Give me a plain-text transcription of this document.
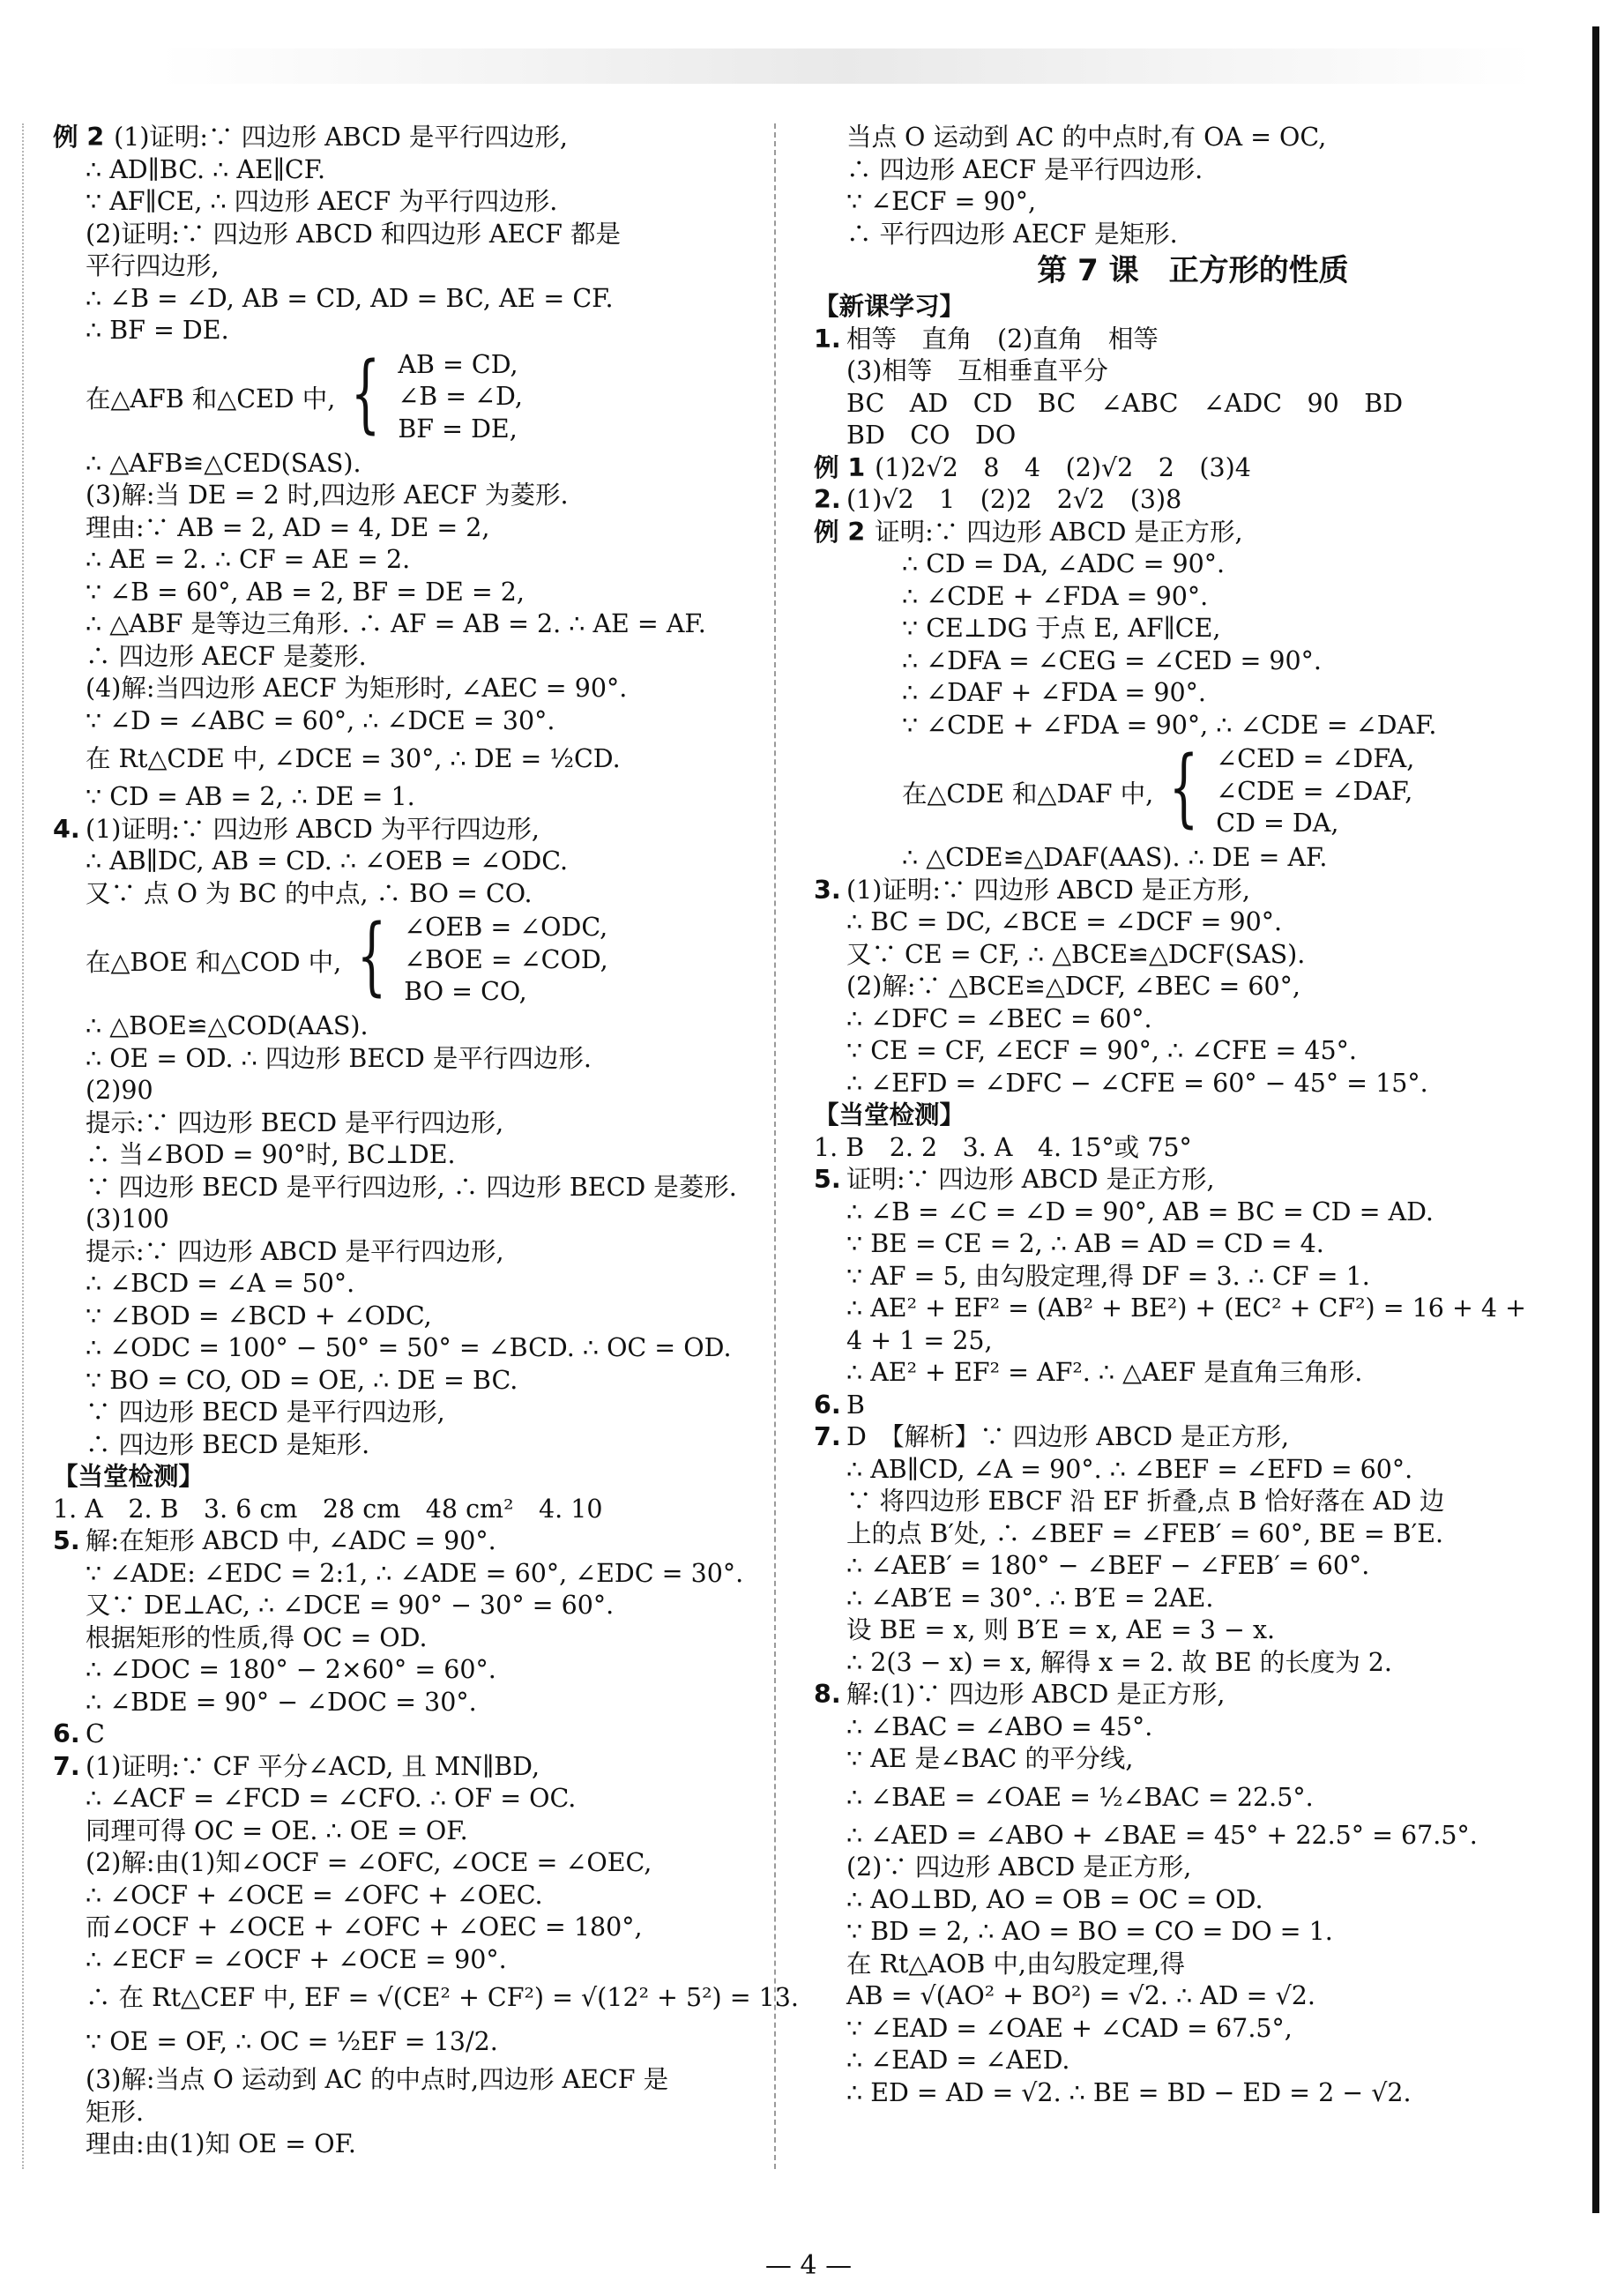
例 2 (1)证明:∵ 四边形 ABCD 是平行四边形,
∴ AD∥BC. ∴ AE∥CF.
∵ AF∥CE, ∴ 四边形 AECF 为平行四边形.
(2)证明:∵ 四边形 ABCD 和四边形 AECF 都是
平行四边形,
∴ ∠B = ∠D, AB = CD, AD = BC, AE = CF.
∴ BF = DE.
在△AFB 和△CED 中, { AB = CD,
∠B = ∠D,
BF = DE,
∴ △AFB≌△CED(SAS).
(3)解:当 DE = 2 时,四边形 AECF 为菱形.
理由:∵ AB = 2, AD = 4, DE = 2,
∴ AE = 2. ∴ CF = AE = 2.
∵ ∠B = 60°, AB = 2, BF = DE = 2,
∴ △ABF 是等边三角形. ∴ AF = AB = 2. ∴ AE = AF.
∴ 四边形 AECF 是菱形.
(4)解:当四边形 AECF 为矩形时, ∠AEC = 90°.
∵ ∠D = ∠ABC = 60°, ∴ ∠DCE = 30°.
在 Rt△CDE 中, ∠DCE = 30°, ∴ DE = ½CD.
∵ CD = AB = 2, ∴ DE = 1.
4. (1)证明:∵ 四边形 ABCD 为平行四边形,
∴ AB∥DC, AB = CD. ∴ ∠OEB = ∠ODC.
又∵ 点 O 为 BC 的中点, ∴ BO = CO.
在△BOE 和△COD 中, { ∠OEB = ∠ODC,
∠BOE = ∠COD,
BO = CO,
∴ △BOE≌△COD(AAS).
∴ OE = OD. ∴ 四边形 BECD 是平行四边形.
(2)90
提示:∵ 四边形 BECD 是平行四边形,
∴ 当∠BOD = 90°时, BC⊥DE.
∵ 四边形 BECD 是平行四边形, ∴ 四边形 BECD 是菱形.
(3)100
提示:∵ 四边形 ABCD 是平行四边形,
∴ ∠BCD = ∠A = 50°.
∵ ∠BOD = ∠BCD + ∠ODC,
∴ ∠ODC = 100° − 50° = 50° = ∠BCD. ∴ OC = OD.
∵ BO = CO, OD = OE, ∴ DE = BC.
∵ 四边形 BECD 是平行四边形,
∴ 四边形 BECD 是矩形.
【当堂检测】
1. A　2. B　3. 6 cm　28 cm　48 cm²　4. 10
5. 解:在矩形 ABCD 中, ∠ADC = 90°.
∵ ∠ADE: ∠EDC = 2:1, ∴ ∠ADE = 60°, ∠EDC = 30°.
又∵ DE⊥AC, ∴ ∠DCE = 90° − 30° = 60°.
根据矩形的性质,得 OC = OD.
∴ ∠DOC = 180° − 2×60° = 60°.
∴ ∠BDE = 90° − ∠DOC = 30°.
6. C
7. (1)证明:∵ CF 平分∠ACD, 且 MN∥BD,
∴ ∠ACF = ∠FCD = ∠CFO. ∴ OF = OC.
同理可得 OC = OE. ∴ OE = OF.
(2)解:由(1)知∠OCF = ∠OFC, ∠OCE = ∠OEC,
∴ ∠OCF + ∠OCE = ∠OFC + ∠OEC.
而∠OCF + ∠OCE + ∠OFC + ∠OEC = 180°,
∴ ∠ECF = ∠OCF + ∠OCE = 90°.
∴ 在 Rt△CEF 中, EF = √(CE² + CF²) = √(12² + 5²) = 13.
∵ OE = OF, ∴ OC = ½EF = 13/2.
(3)解:当点 O 运动到 AC 的中点时,四边形 AECF 是
矩形.
理由:由(1)知 OE = OF.
当点 O 运动到 AC 的中点时,有 OA = OC,
∴ 四边形 AECF 是平行四边形.
∵ ∠ECF = 90°,
∴ 平行四边形 AECF 是矩形.
第 7 课　正方形的性质
【新课学习】
1. 相等　直角　(2)直角　相等
(3)相等　互相垂直平分
BC　AD　CD　BC　∠ABC　∠ADC　90　BD
BD　CO　DO
例 1 (1)2√2　8　4　(2)√2　2　(3)4
2. (1)√2　1　(2)2　2√2　(3)8
例 2 证明:∵ 四边形 ABCD 是正方形,
∴ CD = DA, ∠ADC = 90°.
∴ ∠CDE + ∠FDA = 90°.
∵ CE⊥DG 于点 E, AF∥CE,
∴ ∠DFA = ∠CEG = ∠CED = 90°.
∴ ∠DAF + ∠FDA = 90°.
∵ ∠CDE + ∠FDA = 90°, ∴ ∠CDE = ∠DAF.
在△CDE 和△DAF 中, { ∠CED = ∠DFA,
∠CDE = ∠DAF,
CD = DA,
∴ △CDE≌△DAF(AAS). ∴ DE = AF.
3. (1)证明:∵ 四边形 ABCD 是正方形,
∴ BC = DC, ∠BCE = ∠DCF = 90°.
又∵ CE = CF, ∴ △BCE≌△DCF(SAS).
(2)解:∵ △BCE≌△DCF, ∠BEC = 60°,
∴ ∠DFC = ∠BEC = 60°.
∵ CE = CF, ∠ECF = 90°, ∴ ∠CFE = 45°.
∴ ∠EFD = ∠DFC − ∠CFE = 60° − 45° = 15°.
【当堂检测】
1. B　2. 2　3. A　4. 15°或 75°
5. 证明:∵ 四边形 ABCD 是正方形,
∴ ∠B = ∠C = ∠D = 90°, AB = BC = CD = AD.
∵ BE = CE = 2, ∴ AB = AD = CD = 4.
∵ AF = 5, 由勾股定理,得 DF = 3. ∴ CF = 1.
∴ AE² + EF² = (AB² + BE²) + (EC² + CF²) = 16 + 4 +
4 + 1 = 25,
∴ AE² + EF² = AF². ∴ △AEF 是直角三角形.
6. B
7. D　【解析】∵ 四边形 ABCD 是正方形,
∴ AB∥CD, ∠A = 90°. ∴ ∠BEF = ∠EFD = 60°.
∵ 将四边形 EBCF 沿 EF 折叠,点 B 恰好落在 AD 边
上的点 B′处, ∴ ∠BEF = ∠FEB′ = 60°, BE = B′E.
∴ ∠AEB′ = 180° − ∠BEF − ∠FEB′ = 60°.
∴ ∠AB′E = 30°. ∴ B′E = 2AE.
设 BE = x, 则 B′E = x, AE = 3 − x.
∴ 2(3 − x) = x, 解得 x = 2. 故 BE 的长度为 2.
8. 解:(1)∵ 四边形 ABCD 是正方形,
∴ ∠BAC = ∠ABO = 45°.
∵ AE 是∠BAC 的平分线,
∴ ∠BAE = ∠OAE = ½∠BAC = 22.5°.
∴ ∠AED = ∠ABO + ∠BAE = 45° + 22.5° = 67.5°.
(2)∵ 四边形 ABCD 是正方形,
∴ AO⊥BD, AO = OB = OC = OD.
∵ BD = 2, ∴ AO = BO = CO = DO = 1.
在 Rt△AOB 中,由勾股定理,得
AB = √(AO² + BO²) = √2. ∴ AD = √2.
∵ ∠EAD = ∠OAE + ∠CAD = 67.5°,
∴ ∠EAD = ∠AED.
∴ ED = AD = √2. ∴ BE = BD − ED = 2 − √2.
— 4 —
